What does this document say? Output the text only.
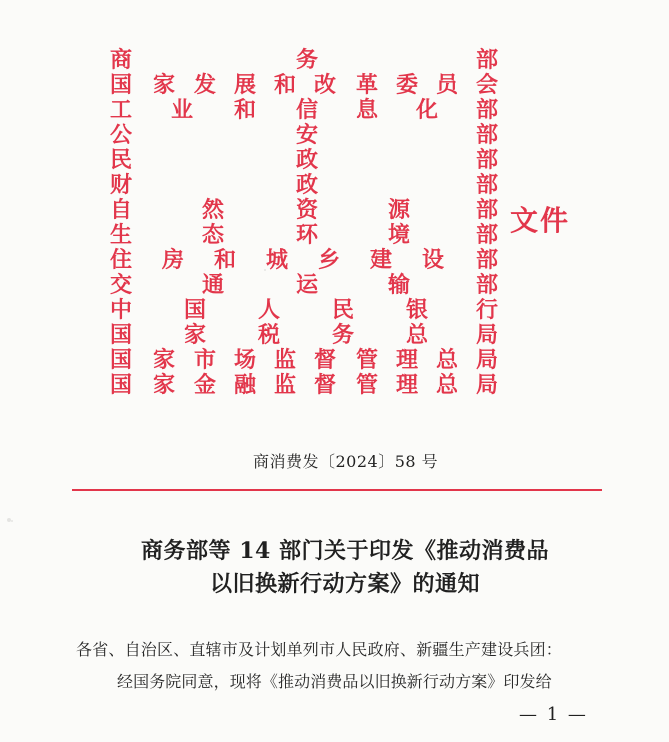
商	务	部
国 家 发 展 和 改 革 委 员 会
工 业 和 信 息 化 部
公	安	部
民	政	部
财	政	部
自	然	资	源	部
生	态	环	境	部
住 房 和 城 乡 建 设 部
交	通	运	输	部
中 国 人 民 银 行
国 家 税 务 总 局
国 家 市 场 监 督 管 理 总 局
国 家 金 融 监 督 管 理 总 局
文件
商消费发〔2024〕58 号
商务部等 14 部门关于印发《推动消费品
以旧换新行动方案》的通知
各省、自治区、直辖市及计划单列市人民政府、新疆生产建设兵团：
经国务院同意，现将《推动消费品以旧换新行动方案》印发给
— 1 —
